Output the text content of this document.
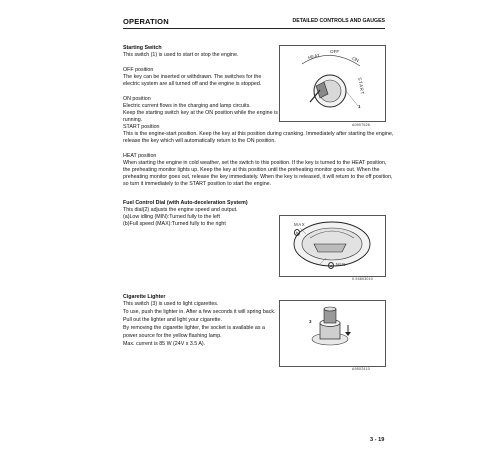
OPERATION	DETAILED CONTROLS AND GAUGES
Starting Switch
This switch (1) is used to start or stop the engine.
OFF position
The key can be inserted or withdrawn. The switches for the
electric system are all turned off and the engine is stopped.
ON position
Electric current flows in the charging and lamp circuits.
Keep the starting switch key at the ON position while the engine is
running.
START position
This is the engine-start position. Keep the key at this position during cranking. Immediately after starting the engine,
release the key which will automatically return to the ON position.
HEAT position
When starting the engine in cold weather, set the switch to this position. If the key is turned to the HEAT position,
the preheating monitor lights up. Keep the key at this position until the preheating monitor goes out. When the
preheating monitor goes out, release the key immediately. When the key is released, it will return to the off position,
so turn it immediately to the START position to start the engine.
HEAT
OFF
ON
START
1
A0907528
Fuel Control Dial (with Auto-deceleration System)
This dial(2) adjusts the engine speed and output.
(a)Low idling (MIN):Turned fully to the left
(b)Full speed (MAX):Turned fully to the right	MAX
b
a MIN
0.94803010
Cigarette Lighter
This switch (3) is used to light cigarettes.
To use, push the lighter in. After a few seconds it will spring back.
Pull out the lighter and light your cigarette.
By removing the cigarette lighter, the socket is available as a
power source for the yellow flashing lamp.
Max. current is 85 W (24V x 3.5 A).
3
A9502410
3 - 19
